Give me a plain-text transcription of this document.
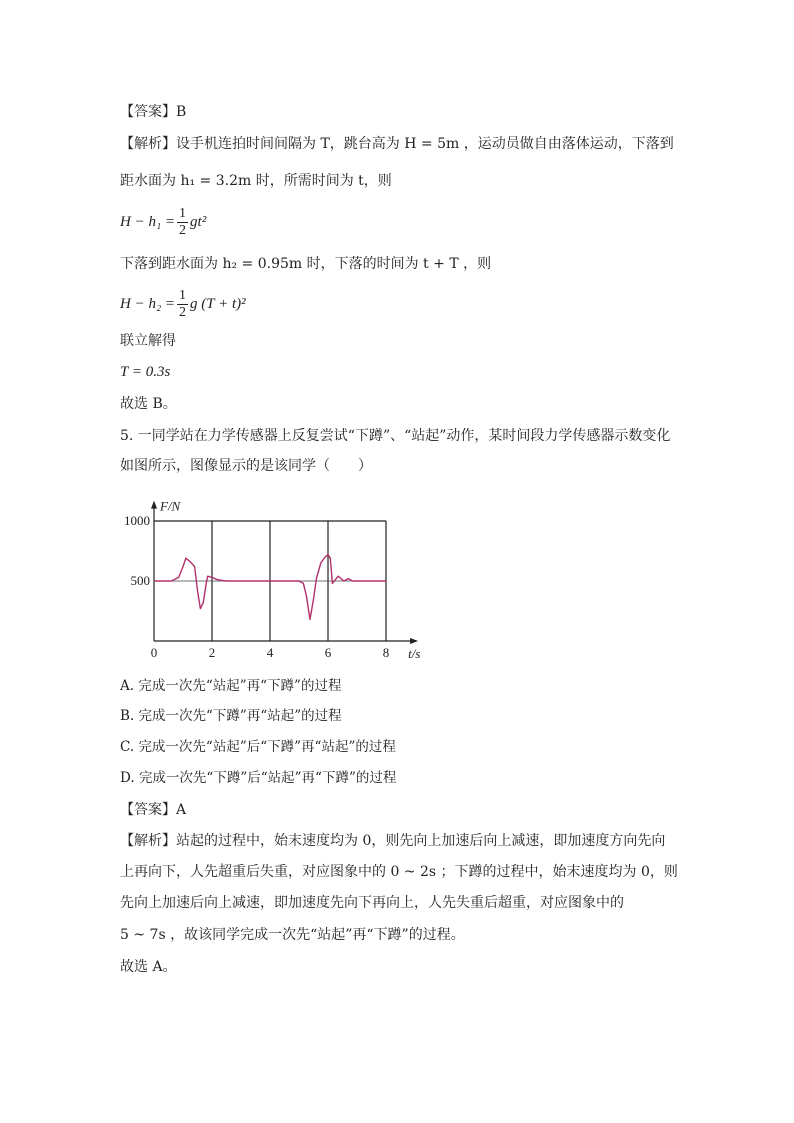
【答案】B
【解析】设手机连拍时间间隔为 T，跳台高为 H = 5m ，运动员做自由落体运动，下落到
距水面为 h₁ = 3.2m 时，所需时间为 t，则
$H - h_1 = \frac{1}{2} gt^2$
下落到距水面为 h₂ = 0.95m 时，下落的时间为 t + T ，则
$H - h_2 = \frac{1}{2}$ g (T + t)²
联立解得
T = 0.3s
故选 B。
5. 一同学站在力学传感器上反复尝试“下蹲”、“站起”动作，某时间段力学传感器示数变化
如图所示，图像显示的是该同学（　　）
0	2	4	6	8
500
1000
F/N
t/s
A. 完成一次先“站起”再“下蹲”的过程
B. 完成一次先“下蹲”再“站起”的过程
C. 完成一次先“站起”后“下蹲”再“站起”的过程
D. 完成一次先“下蹲”后“站起”再“下蹲”的过程
【答案】A
【解析】站起的过程中，始末速度均为 0，则先向上加速后向上减速，即加速度方向先向
上再向下，人先超重后失重，对应图象中的 0 ~ 2s ；下蹲的过程中，始末速度均为 0，则
先向上加速后向上减速，即加速度先向下再向上，人先失重后超重，对应图象中的
5 ~ 7s ，故该同学完成一次先“站起”再“下蹲”的过程。
故选 A。
